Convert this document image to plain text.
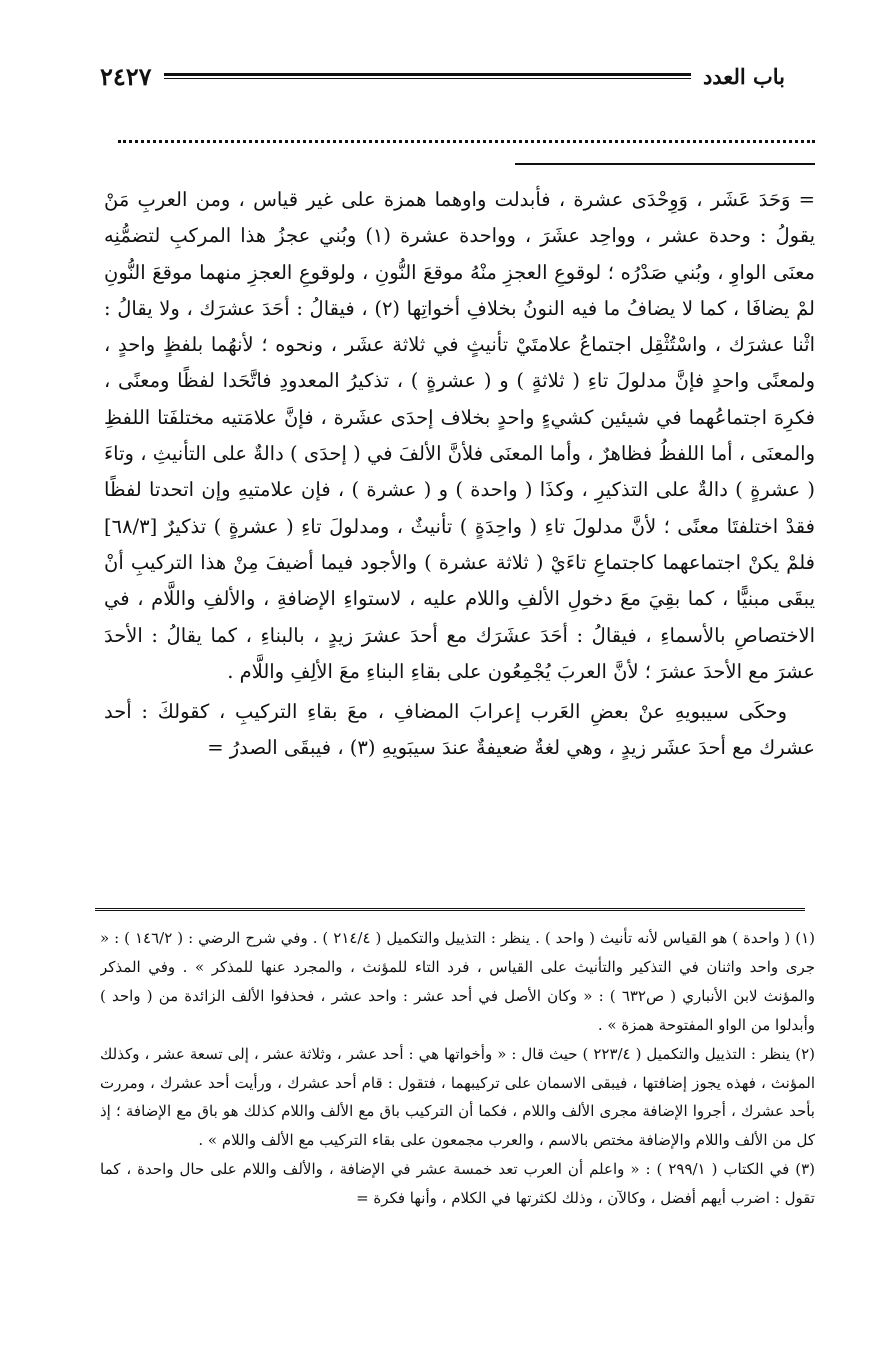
باب العدد
٢٤٢٧

= وَحَدَ عَشَر ، وَوِحْدَى عشرة ، فأبدلت واوهما همزة على غير قياس ، ومن العربِ مَنْ يقولُ : وحدة عشر ، وواحِد عشَرَ ، وواحدة عشرة (١) وبُني عجزُ هذا المركبِ لتضمُّنِه معنَى الواوِ ، وبُني صَدْرُه ؛ لوقوعِ العجزِ منْهُ موقعَ النُّونِ ، ولوقوعِ العجزِ منهما موقعَ النُّونِ لمْ يضافَا ، كما لا يضافُ ما فيه النونُ بخلافِ أخواتِها (٢) ، فيقالُ : أحَدَ عشرَك ، ولا يقالُ : اثْنا عشرَك ، واسْتُثْقِل اجتماعُ علامتَيْ تأنيثٍ في ثلاثة عشَر ، ونحوه ؛ لأنهُما بلفظٍ واحدٍ ، ولمعنًى واحدٍ فإنَّ مدلولَ تاءِ ( ثلاثةٍ ) و ( عشرةٍ ) ، تذكيرُ المعدودِ فاتَّحَدا لفظًا ومعنًى ، فكرِهَ اجتماعُهما في شيئين كشيءٍ واحدٍ بخلاف إحدَى عشَرة ، فإنَّ علامَتيه مختلفَتا اللفظِ والمعنَى ، أما اللفظُ فظاهرٌ ، وأما المعنَى فلأنَّ الألفَ في ( إحدَى ) دالةٌ على التأنيثِ ، وتاءَ ( عشرةٍ ) دالةٌ على التذكيرِ ، وكذَا ( واحدة ) و ( عشرة ) ، فإن علامتيهِ وإن اتحدتا لفظًا فقدْ اختلفتَا معنًى ؛ لأنَّ مدلولَ تاءِ ( واحِدَةٍ ) تأنيثٌ ، ومدلولَ تاءِ ( عشرةٍ ) تذكيرٌ [٦٨/٣] فلمْ يكنْ اجتماعهما كاجتماعِ تاءَيْ ( ثلاثة عشرة ) والأجود فيما أضيفَ مِنْ هذا التركيبِ أنْ يبقَى مبنيًّا ، كما بقِيَ معَ دخولِ الألفِ واللام عليه ، لاستواءِ الإضافةِ ، والألفِ واللَّام ، في الاختصاصِ بالأسماءِ ، فيقالُ : أحَدَ عشَرَك مع أحدَ عشرَ زيدٍ ، بالبناءِ ، كما يقالُ : الأحدَ عشرَ مع الأحدَ عشرَ ؛ لأنَّ العربَ يُجْمِعُون على بقاءِ البناءِ معَ الألِفِ واللَّام .

وحكَى سيبويهِ عنْ بعضِ العَرب إعرابَ المضافِ ، معَ بقاءِ التركيبِ ، كقولكَ : أحد عشرك مع أحدَ عشَر زيدٍ ، وهي لغةٌ ضعيفةٌ عندَ سيبَويهِ (٣) ، فيبقَى الصدرُ =

(١) ( واحدة ) هو القياس لأنه تأنيث ( واحد ) . ينظر : التذييل والتكميل ( ٢١٤/٤ ) . وفي شرح الرضي : ( ١٤٦/٢ ) : « جرى واحد واثنان في التذكير والتأنيث على القياس ، فرد التاء للمؤنث ، والمجرد عنها للمذكر » . وفي المذكر والمؤنث لابن الأنباري ( ص٦٣٢ ) : « وكان الأصل في أحد عشر : واحد عشر ، فحذفوا الألف الزائدة من ( واحد ) وأبدلوا من الواو المفتوحة همزة » .

(٢) ينظر : التذييل والتكميل ( ٢٢٣/٤ ) حيث قال : « وأخواتها هي : أحد عشر ، وثلاثة عشر ، إلى تسعة عشر ، وكذلك المؤنث ، فهذه يجوز إضافتها ، فيبقى الاسمان على تركيبهما ، فتقول : قام أحد عشرك ، ورأيت أحد عشرك ، ومررت بأحد عشرك ، أجروا الإضافة مجرى الألف واللام ، فكما أن التركيب باق مع الألف واللام كذلك هو باق مع الإضافة ؛ إذ كل من الألف واللام والإضافة مختص بالاسم ، والعرب مجمعون على بقاء التركيب مع الألف واللام » .

(٣) في الكتاب ( ٢٩٩/١ ) : « واعلم أن العرب تعد خمسة عشر في الإضافة ، والألف واللام على حال واحدة ، كما تقول : اضرب أيهم أفضل ، وكالآن ، وذلك لكثرتها في الكلام ، وأنها فكرة =
